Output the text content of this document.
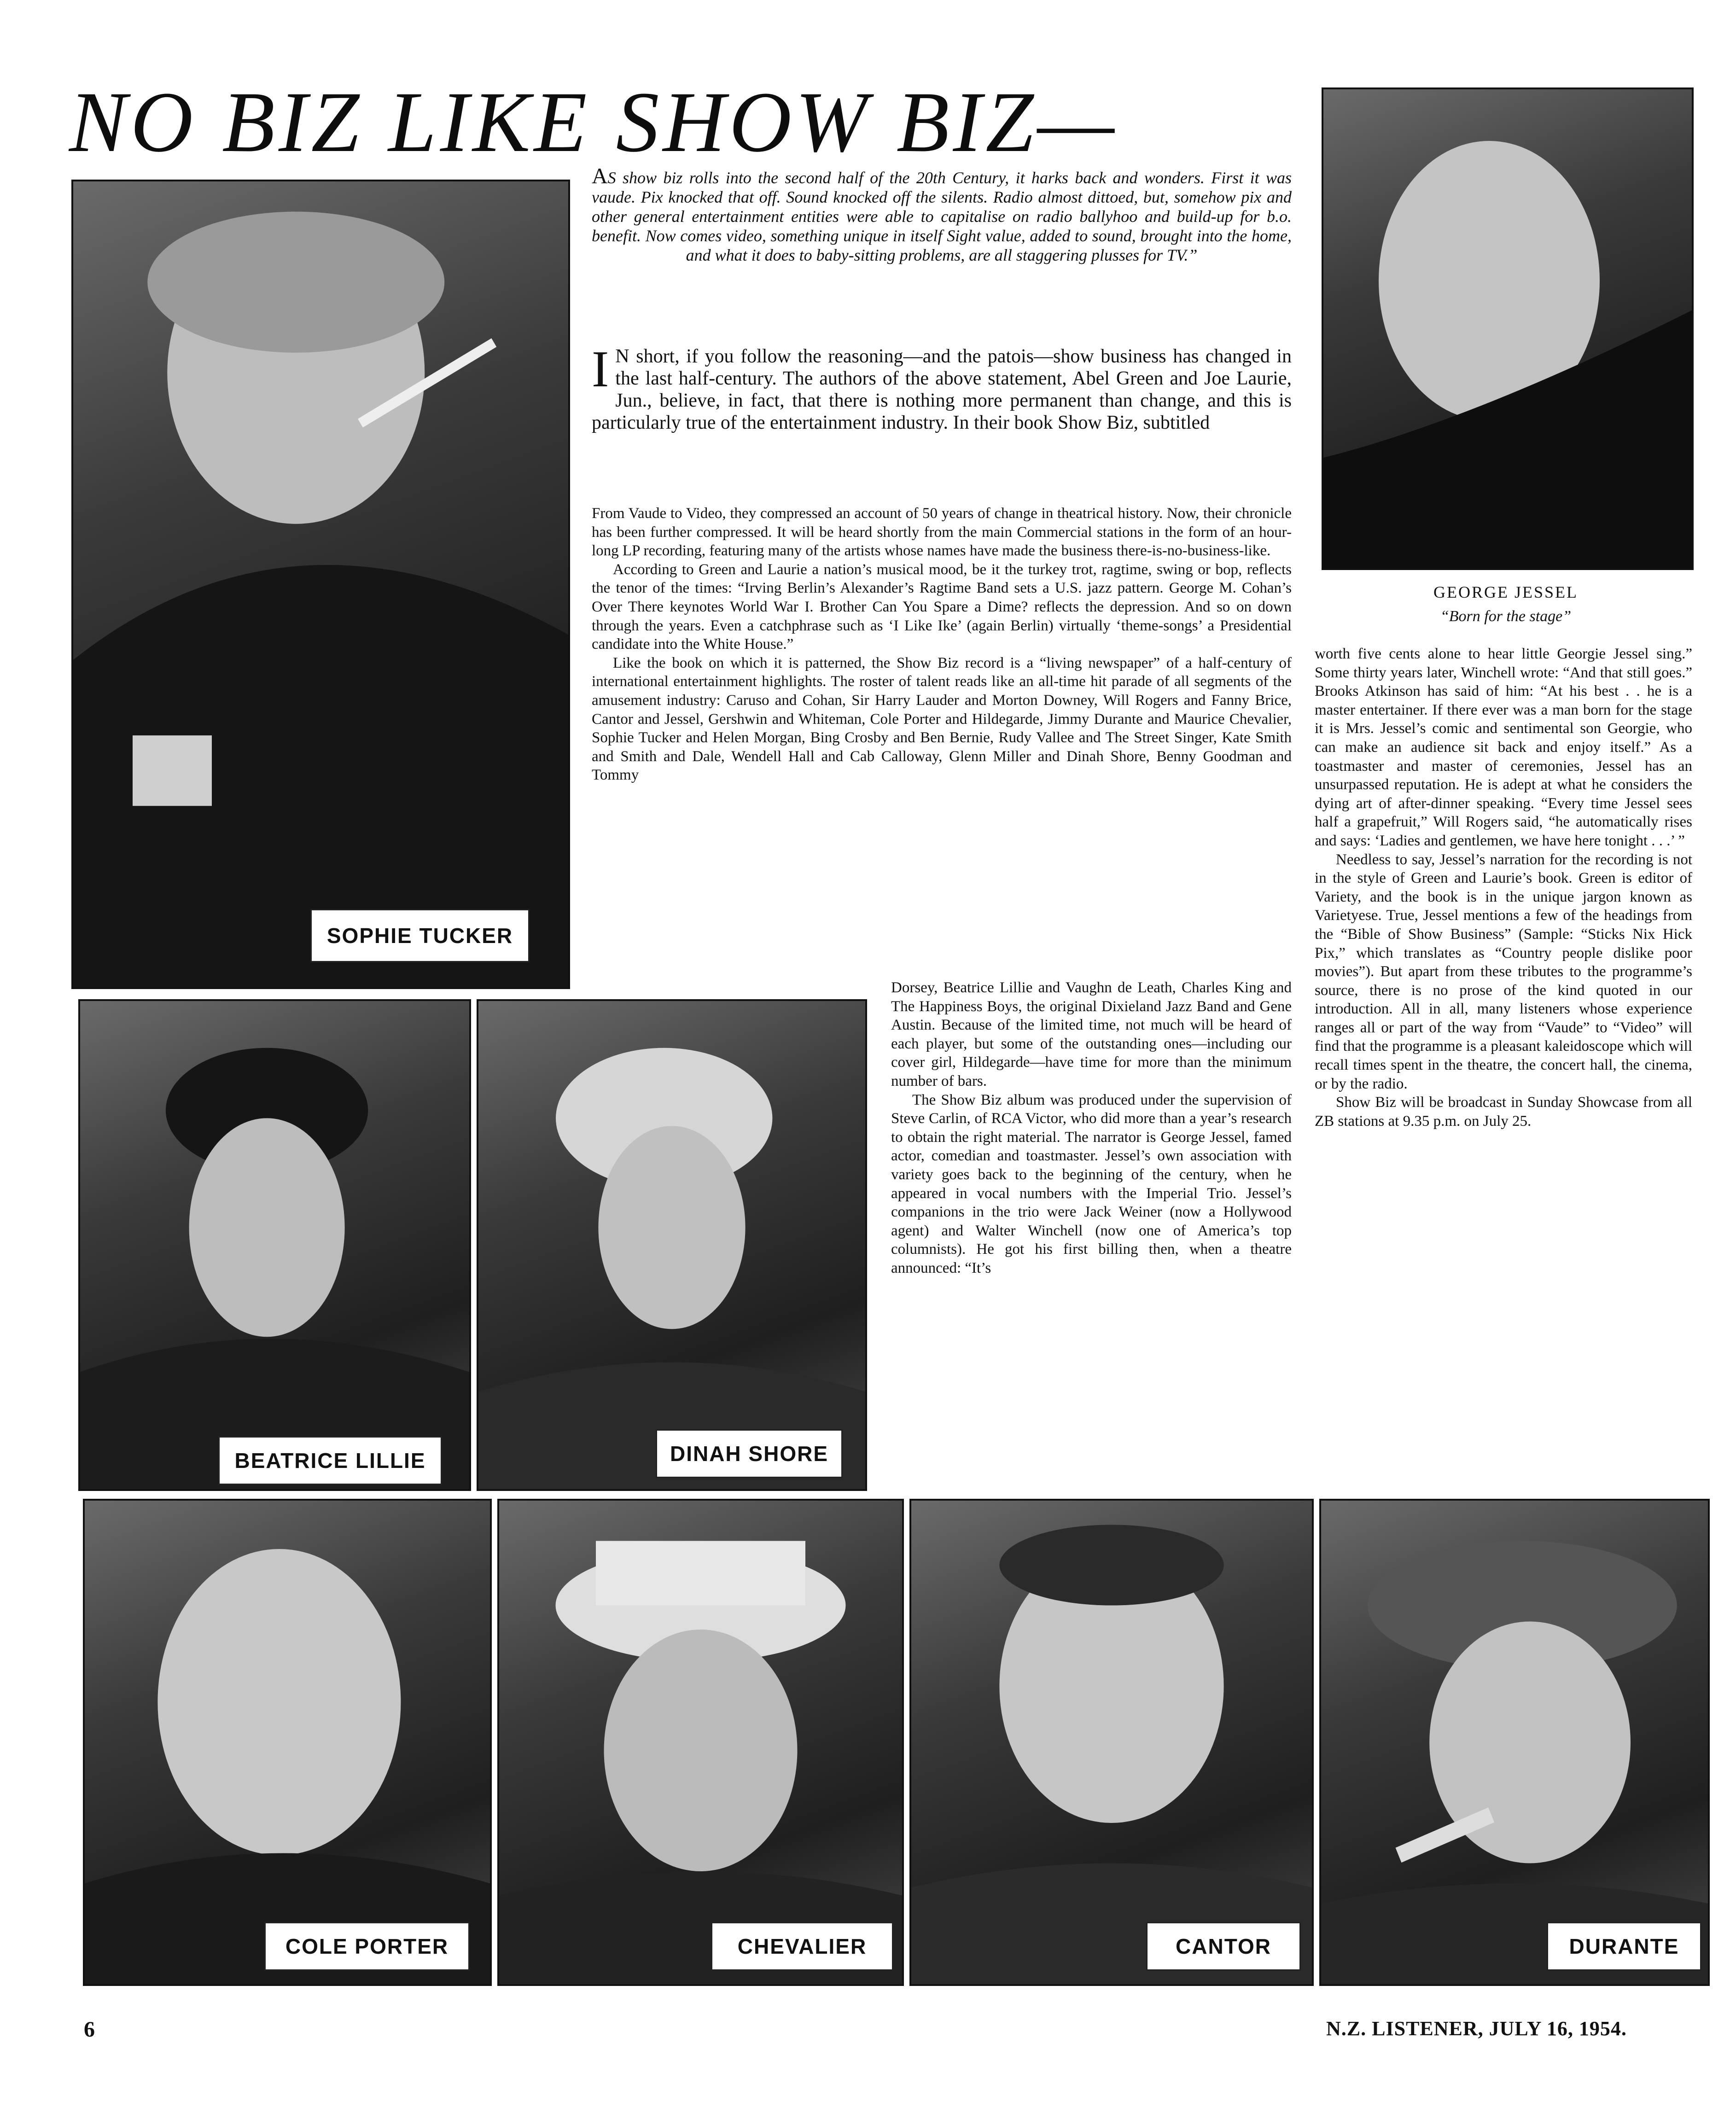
NO BIZ LIKE SHOW BIZ—
SOPHIE TUCKER
AS show biz rolls into the second half of the 20th Century, it harks back and wonders. First it was vaude. Pix knocked that off. Sound knocked off the silents. Radio almost dittoed, but, somehow pix and other general entertainment entities were able to capitalise on radio ballyhoo and build-up for b.o. benefit. Now comes video, something unique in itself Sight value, added to sound, brought into the home, and what it does to baby-sitting problems, are all staggering plusses for TV.”
I N short, if you follow the reasoning—and the patois—show business has changed in the last half-century. The authors of the above statement, Abel Green and Joe Laurie, Jun., believe, in fact, that there is nothing more permanent than change, and this is particularly true of the entertainment industry. In their book Show Biz, subtitled

From Vaude to Video, they compressed an account of 50 years of change in theatrical history. Now, their chronicle has been further compressed. It will be heard shortly from the main Commercial stations in the form of an hour-long LP recording, featuring many of the artists whose names have made the business there-is-no-business-like.

According to Green and Laurie a nation’s musical mood, be it the turkey trot, ragtime, swing or bop, reflects the tenor of the times: “Irving Berlin’s Alexander’s Ragtime Band sets a U.S. jazz pattern. George M. Cohan’s Over There keynotes World War I. Brother Can You Spare a Dime? reflects the depression. And so on down through the years. Even a catchphrase such as ‘I Like Ike’ (again Berlin) virtually ‘theme-songs’ a Presidential candidate into the White House.”

Like the book on which it is patterned, the Show Biz record is a “living newspaper” of a half-century of international entertainment highlights. The roster of talent reads like an all-time hit parade of all segments of the amusement industry: Caruso and Cohan, Sir Harry Lauder and Morton Downey, Will Rogers and Fanny Brice, Cantor and Jessel, Gershwin and Whiteman, Cole Porter and Hildegarde, Jimmy Durante and Maurice Chevalier, Sophie Tucker and Helen Morgan, Bing Crosby and Ben Bernie, Rudy Vallee and The Street Singer, Kate Smith and Smith and Dale, Wendell Hall and Cab Calloway, Glenn Miller and Dinah Shore, Benny Goodman and Tommy

GEORGE JESSEL
“Born for the stage”
BEATRICE LILLIE	DINAH SHORE

Dorsey, Beatrice Lillie and Vaughn de Leath, Charles King and The Happiness Boys, the original Dixieland Jazz Band and Gene Austin. Because of the limited time, not much will be heard of each player, but some of the outstanding ones—including our cover girl, Hildegarde—have time for more than the minimum number of bars.

The Show Biz album was produced under the supervision of Steve Carlin, of RCA Victor, who did more than a year’s research to obtain the right material. The narrator is George Jessel, famed actor, comedian and toastmaster. Jessel’s own association with variety goes back to the beginning of the century, when he appeared in vocal numbers with the Imperial Trio. Jessel’s companions in the trio were Jack Weiner (now a Hollywood agent) and Walter Winchell (now one of America’s top columnists). He got his first billing then, when a theatre announced: “It’s

worth five cents alone to hear little Georgie Jessel sing.” Some thirty years later, Winchell wrote: “And that still goes.” Brooks Atkinson has said of him: “At his best . . he is a master entertainer. If there ever was a man born for the stage it is Mrs. Jessel’s comic and sentimental son Georgie, who can make an audience sit back and enjoy itself.” As a toastmaster and master of ceremonies, Jessel has an unsurpassed reputation. He is adept at what he considers the dying art of after-dinner speaking. “Every time Jessel sees half a grapefruit,” Will Rogers said, “he automatically rises and says: ‘Ladies and gentlemen, we have here tonight . . .’ ”

Needless to say, Jessel’s narration for the recording is not in the style of Green and Laurie’s book. Green is editor of Variety, and the book is in the unique jargon known as Varietyese. True, Jessel mentions a few of the headings from the “Bible of Show Business” (Sample: “Sticks Nix Hick Pix,” which translates as “Country people dislike poor movies”). But apart from these tributes to the programme’s source, there is no prose of the kind quoted in our introduction. All in all, many listeners whose experience ranges all or part of the way from “Vaude” to “Video” will find that the programme is a pleasant kaleidoscope which will recall times spent in the theatre, the concert hall, the cinema, or by the radio.

Show Biz will be broadcast in Sunday Showcase from all ZB stations at 9.35 p.m. on July 25.

COLE PORTER	CHEVALIER	CANTOR	DURANTE
6	N.Z. LISTENER, JULY 16, 1954.
